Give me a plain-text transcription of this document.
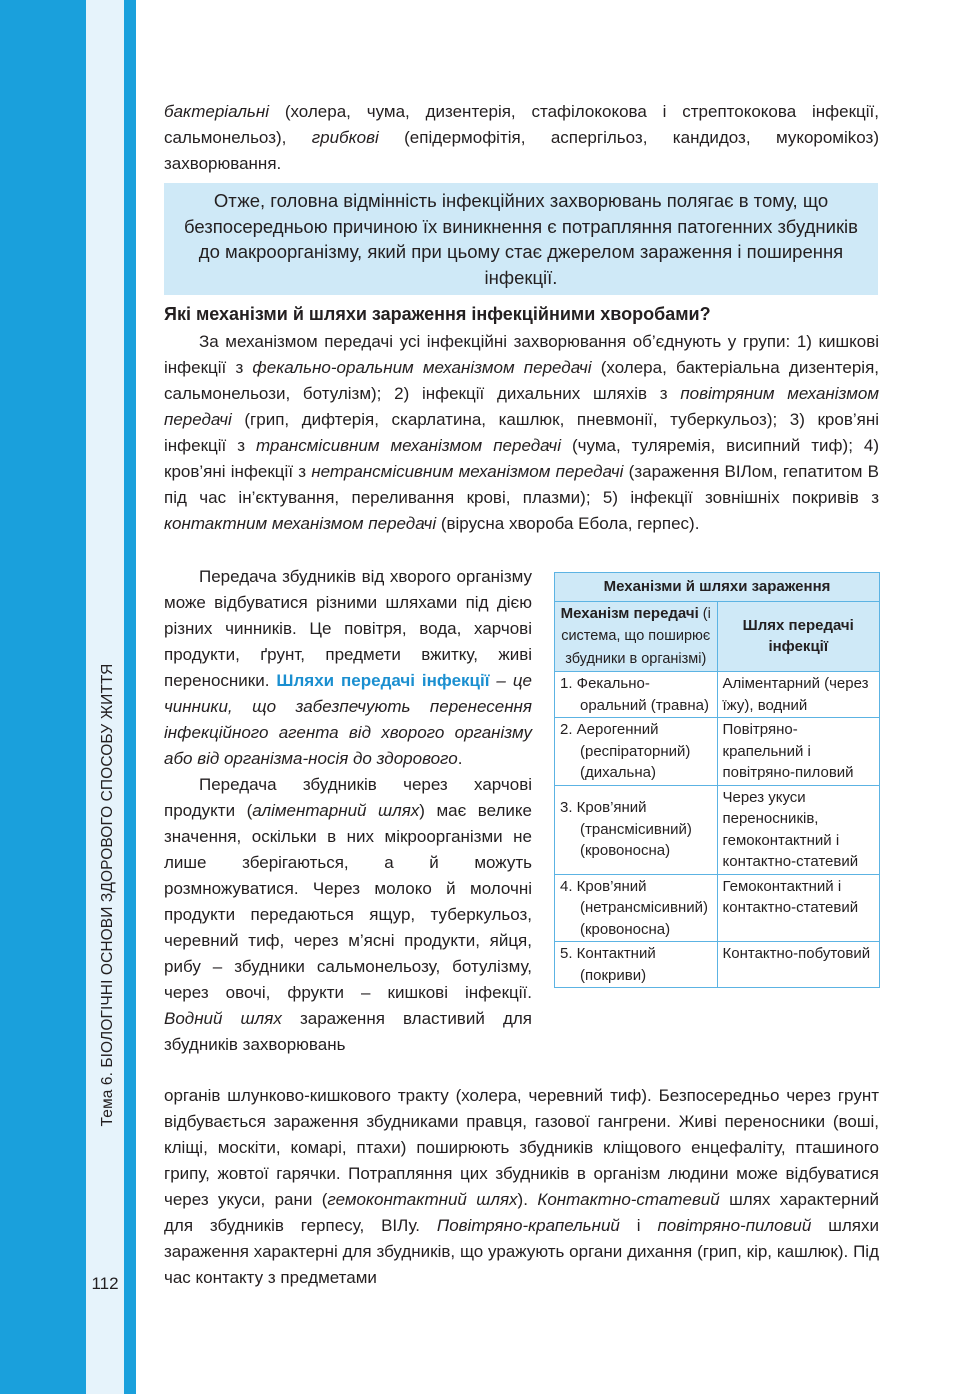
Тема 6. БІОЛОГІЧНІ ОСНОВИ ЗДОРОВОГО СПОСОБУ ЖИТТЯ
112

бактеріальні (холера, чума, дизентерія, стафілококова і стрептококова інфекції, сальмонельоз), грибкові (епідермофітія, аспергільоз, кандидоз, мукороміkоз) захворювання.

Отже, головна відмінність інфекційних захворювань полягає в тому, що безпосередньою причиною їх виникнення є потрапляння патогенних збудників до макроорганізму, який при цьому стає джерелом зараження і поширення інфекції.
Які механізми й шляхи зараження інфекційними хворобами?

За механізмом передачі усі інфекційні захворювання об’єднують у групи: 1) кишкові інфекції з фекально-оральним механізмом передачі (холера, бактеріальна дизентерія, сальмонельози, ботулізм); 2) інфекції дихальних шляхів з повітряним механізмом передачі (грип, дифтерія, скарлатина, кашлюк, пневмонії, туберкульоз); 3) кров’яні інфекції з трансмісивним механізмом передачі (чума, туляремія, висипний тиф); 4) кров’яні інфекції з нетрансмісивним механізмом передачі (зараження ВІЛом, гепатитом В під час ін’єктування, переливання крові, плазми); 5) інфекції зовнішніх покривів з контактним механізмом передачі (вірусна хвороба Ебола, герпес).

Передача збудників від хворого організму може відбуватися різними шляхами під дією різних чинників. Це повітря, вода, харчові продукти, ґрунт, предмети вжитку, живі переносники. Шляхи передачі інфекції – це чинники, що забезпечують перенесення інфекційного агента від хворого організму або від організма-носія до здорового.

Передача збудників через харчові продукти (аліментарний шлях) має велике значення, оскільки в них мікроорганізми не лише зберігаються, а й можуть розмножуватися. Через молоко й молочні продукти передаються ящур, туберкульоз, черевний тиф, через м’ясні продукти, яйця, рибу – збудники сальмонельозу, ботулізму, через овочі, фрукти – кишкові інфекції. Водний шлях зараження властивий для збудників захворювань

органів шлунково-кишкового тракту (холера, черевний тиф). Безпосередньо через грунт відбувається зараження збудниками правця, газової гангрени. Живі переносники (воші, кліщі, москіти, комарі, птахи) поширюють збудників кліщового енцефаліту, пташиного грипу, жовтої гарячки. Потрапляння цих збудників в організм людини може відбуватися через укуси, рани (гемоконтактний шлях). Контактно-статевий шлях характерний для збудників герпесу, ВІЛу. Повітряно-крапельний і повітряно-пиловий шляхи зараження характерні для збудників, що уражують органи дихання (грип, кір, кашлюк). Під час контакту з предметами

Механізми й шляхи зараження	
Механізм передачі (і система, що поширює збудники в організмі)	Шлях передачі інфекції

1. Фекально-оральний (травна)	Аліментарний (через їжу), водний

2. Аерогенний (респіраторний) (дихальна)	Повітряно-крапельний і повітряно-пиловий

3. Кров’яний (трансмісивний) (кровоносна)	Через укуси переносників, гемоконтактний і контактно-статевий

4. Кров’яний (нетрансмісивний) (кровоносна)	Гемоконтактний і контактно-статевий

5. Контактний (покриви)	Контактно-побутовий
